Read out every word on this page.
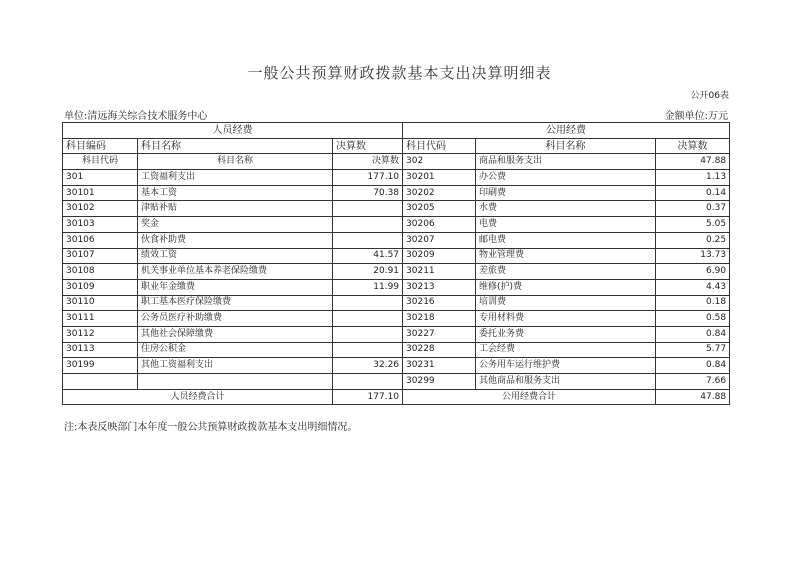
一般公共预算财政拨款基本支出决算明细表
公开06表
单位:清远海关综合技术服务中心	金额单位:万元
人员经费			公用经费		
科目编码	科目名称	决算数	科目代码	科目名称	决算数
科目代码	科目名称	决算数	302	商品和服务支出	47.88
301	工资福利支出	177.10	30201	办公费	1.13
30101	基本工资	70.38	30202	印刷费	0.14
30102	津贴补贴		30205	水费	0.37
30103	奖金		30206	电费	5.05
30106	伙食补助费		30207	邮电费	0.25
30107	绩效工资	41.57	30209	物业管理费	13.73
30108	机关事业单位基本养老保险缴费	20.91	30211	差旅费	6.90
30109	职业年金缴费	11.99	30213	维修(护)费	4.43
30110	职工基本医疗保险缴费		30216	培训费	0.18
30111	公务员医疗补助缴费		30218	专用材料费	0.58
30112	其他社会保障缴费		30227	委托业务费	0.84
30113	住房公积金		30228	工会经费	5.77
30199	其他工资福利支出	32.26	30231	公务用车运行维护费	0.84
			30299	其他商品和服务支出	7.66
人员经费合计		177.10	公用经费合计		47.88
注:本表反映部门本年度一般公共预算财政拨款基本支出明细情况。
